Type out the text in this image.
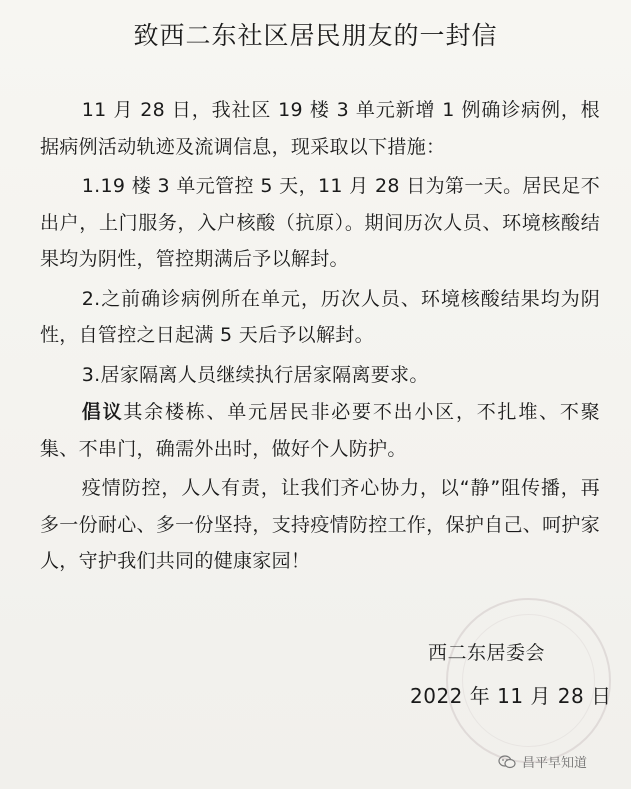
致西二东社区居民朋友的一封信

11 月 28 日，我社区 19 楼 3 单元新增 1 例确诊病例，根据病例活动轨迹及流调信息，现采取以下措施：

1.19 楼 3 单元管控 5 天，11 月 28 日为第一天。居民足不出户，上门服务，入户核酸（抗原）。期间历次人员、环境核酸结果均为阴性，管控期满后予以解封。

2.之前确诊病例所在单元，历次人员、环境核酸结果均为阴性，自管控之日起满 5 天后予以解封。

3.居家隔离人员继续执行居家隔离要求。

倡议其余楼栋、单元居民非必要不出小区，不扎堆、不聚集、不串门，确需外出时，做好个人防护。

疫情防控，人人有责，让我们齐心协力，以“静”阻传播，再多一份耐心、多一份坚持，支持疫情防控工作，保护自己、呵护家人，守护我们共同的健康家园！

西二东居委会
2022 年 11 月 28 日
昌平早知道
